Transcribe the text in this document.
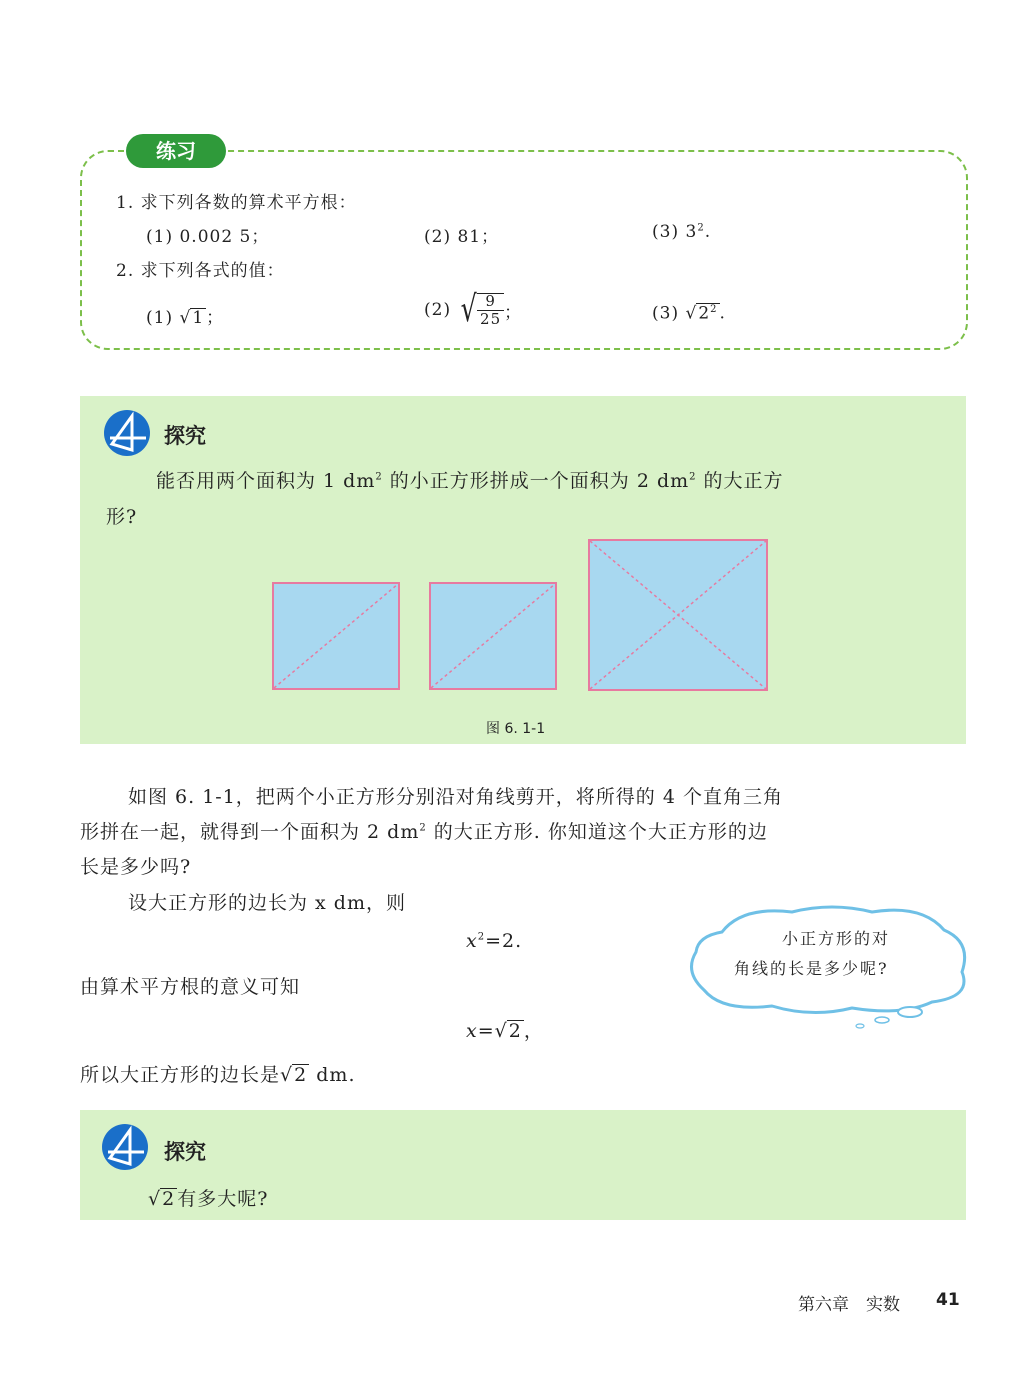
练习
1. 求下列各数的算术平方根：
(1) 0.002 5；	(2) 81；	(3) $3^2$.
2. 求下列各式的值：
(1) √1 ；	(2) √ $\frac{9}{25}$ ；	(3) $√2^2$ .
探究
能否用两个面积为 1 $dm^2$ 的小正方形拼成一个面积为 2 $dm^2$ 的大正方
形?
图 6. 1-1
如图 6. 1-1，把两个小正方形分别沿对角线剪开，将所得的 4 个直角三角
形拼在一起，就得到一个面积为 2 $dm^2$ 的大正方形. 你知道这个大正方形的边
长是多少吗?
设大正方形的边长为 x dm，则
$x^2=2$.
由算术平方根的意义可知
x=√2 ，
所以大正方形的边长是√2 dm.
小正方形的对
角线的长是多少呢?
探究
√2 有多大呢?
第六章　实数 41
